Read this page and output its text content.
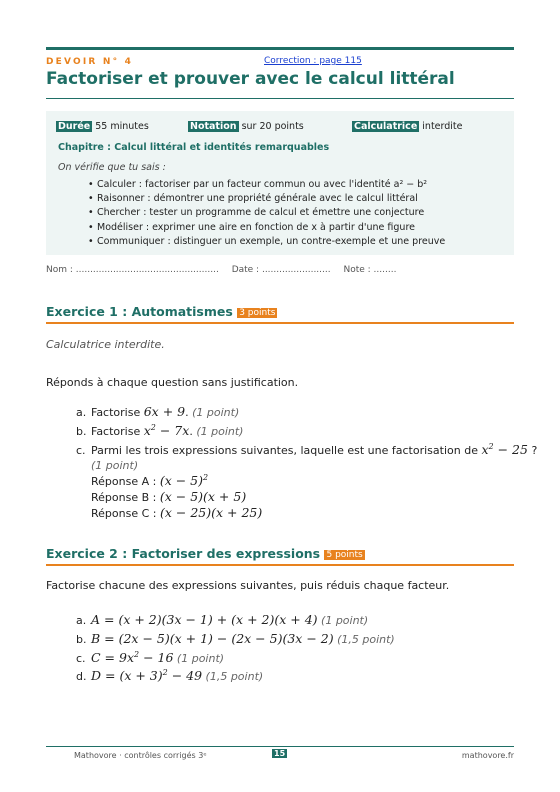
DEVOIR N° 4	Correction : page 115
Factoriser et prouver avec le calcul littéral
Durée 55 minutes	Notation sur 20 points	Calculatrice interdite
Chapitre : Calcul littéral et identités remarquables
On vérifie que tu sais :
• Calculer : factoriser par un facteur commun ou avec l'identité a² − b²
• Raisonner : démontrer une propriété générale avec le calcul littéral
• Chercher : tester un programme de calcul et émettre une conjecture
• Modéliser : exprimer une aire en fonction de x à partir d'une figure
• Communiquer : distinguer un exemple, un contre-exemple et une preuve
Nom : .................................................. Date : ........................ Note : ........
Exercice 1 : Automatismes 3 points
Calculatrice interdite.
Réponds à chaque question sans justification.
a. Factorise 6x + 9. (1 point)
b. Factorise $x^2 - 7x$. (1 point)
c. Parmi les trois expressions suivantes, laquelle est une factorisation de $x^2 - 25$ ?
(1 point)
Réponse A : $(x - 5)^2$
Réponse B : (x − 5)(x + 5)
Réponse C : (x − 25)(x + 25)
Exercice 2 : Factoriser des expressions 5 points
Factorise chacune des expressions suivantes, puis réduis chaque facteur.
a. A = (x + 2)(3x − 1) + (x + 2)(x + 4) (1 point)
b. B = (2x − 5)(x + 1) − (2x − 5)(3x − 2) (1,5 point)
c. $C = 9x^2 - 16$ (1 point)
d. $D = (x + 3)^2 - 49$ (1,5 point)
Mathovore · contrôles corrigés 3ᵉ	15	mathovore.fr
